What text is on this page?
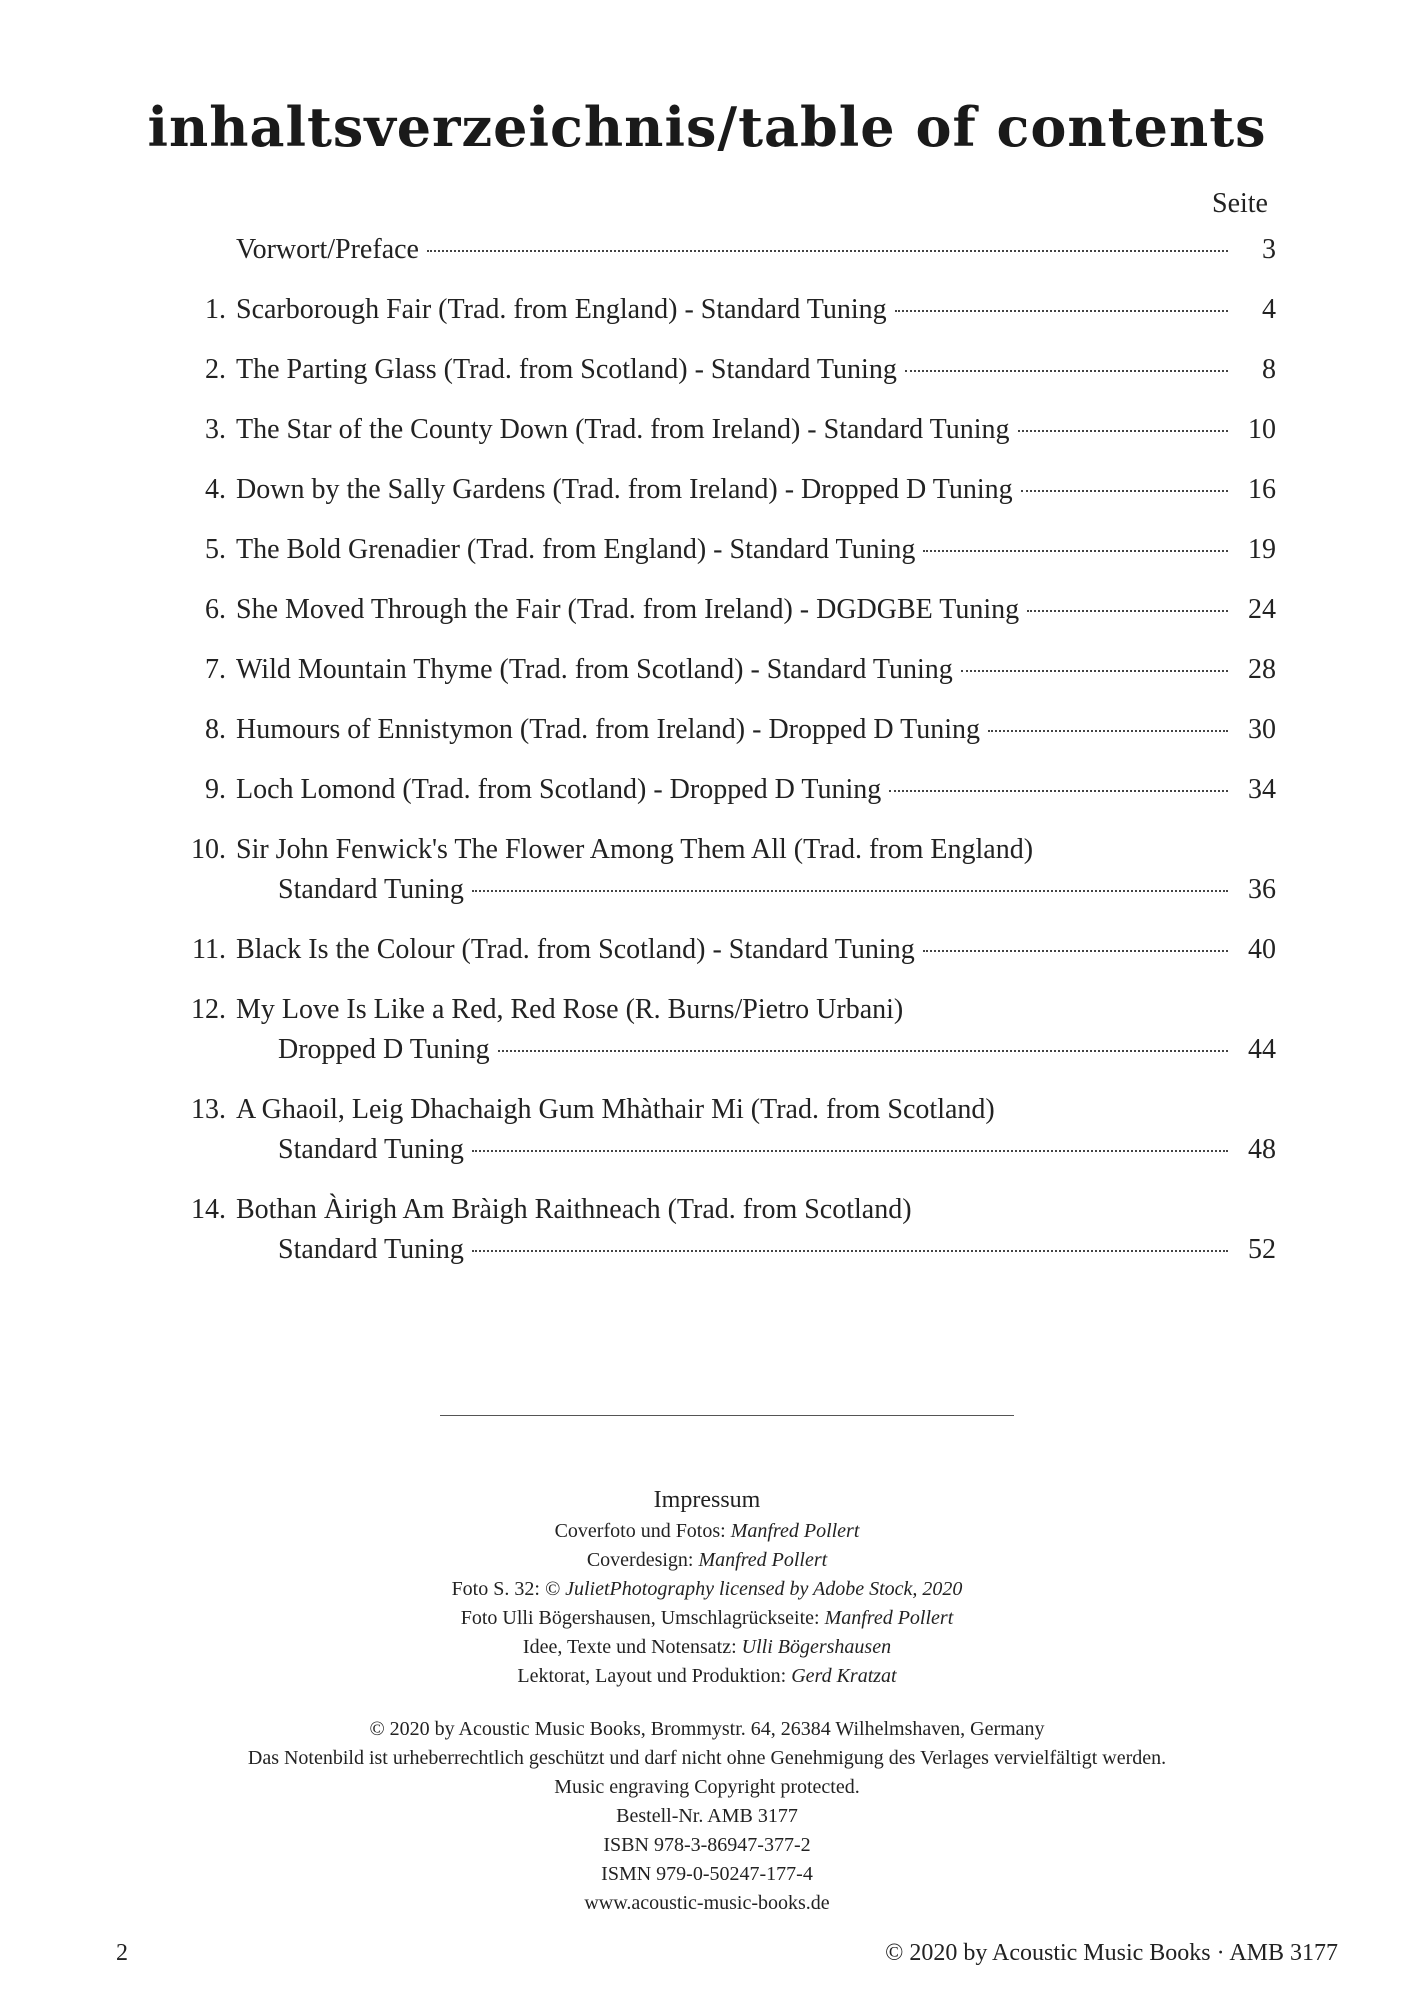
inhaltsverzeichnis/table of contents
Seite
Vorwort/Preface	3
1. Scarborough Fair (Trad. from England) - Standard Tuning	4
2. The Parting Glass (Trad. from Scotland) - Standard Tuning	8
3. The Star of the County Down (Trad. from Ireland) - Standard Tuning	10
4. Down by the Sally Gardens (Trad. from Ireland) - Dropped D Tuning	16
5. The Bold Grenadier (Trad. from England) - Standard Tuning	19
6. She Moved Through the Fair (Trad. from Ireland) - DGDGBE Tuning	24
7. Wild Mountain Thyme (Trad. from Scotland) - Standard Tuning	28
8. Humours of Ennistymon (Trad. from Ireland) - Dropped D Tuning	30
9. Loch Lomond (Trad. from Scotland) - Dropped D Tuning	34
10. Sir John Fenwick's The Flower Among Them All (Trad. from England)
Standard Tuning	36
11. Black Is the Colour (Trad. from Scotland) - Standard Tuning	40
12. My Love Is Like a Red, Red Rose (R. Burns/Pietro Urbani)
Dropped D Tuning	44
13. A Ghaoil, Leig Dhachaigh Gum Mhàthair Mi (Trad. from Scotland)
Standard Tuning	48
14. Bothan Àirigh Am Bràigh Raithneach (Trad. from Scotland)
Standard Tuning	52
Impressum
Coverfoto und Fotos: Manfred Pollert
Coverdesign: Manfred Pollert
Foto S. 32: © JulietPhotography licensed by Adobe Stock, 2020
Foto Ulli Bögershausen, Umschlagrückseite: Manfred Pollert
Idee, Texte und Notensatz: Ulli Bögershausen
Lektorat, Layout und Produktion: Gerd Kratzat
© 2020 by Acoustic Music Books, Brommystr. 64, 26384 Wilhelmshaven, Germany
Das Notenbild ist urheberrechtlich geschützt und darf nicht ohne Genehmigung des Verlages vervielfältigt werden.
Music engraving Copyright protected.
Bestell-Nr. AMB 3177
ISBN 978-3-86947-377-2
ISMN 979-0-50247-177-4
www.acoustic-music-books.de
2	© 2020 by Acoustic Music Books · AMB 3177
